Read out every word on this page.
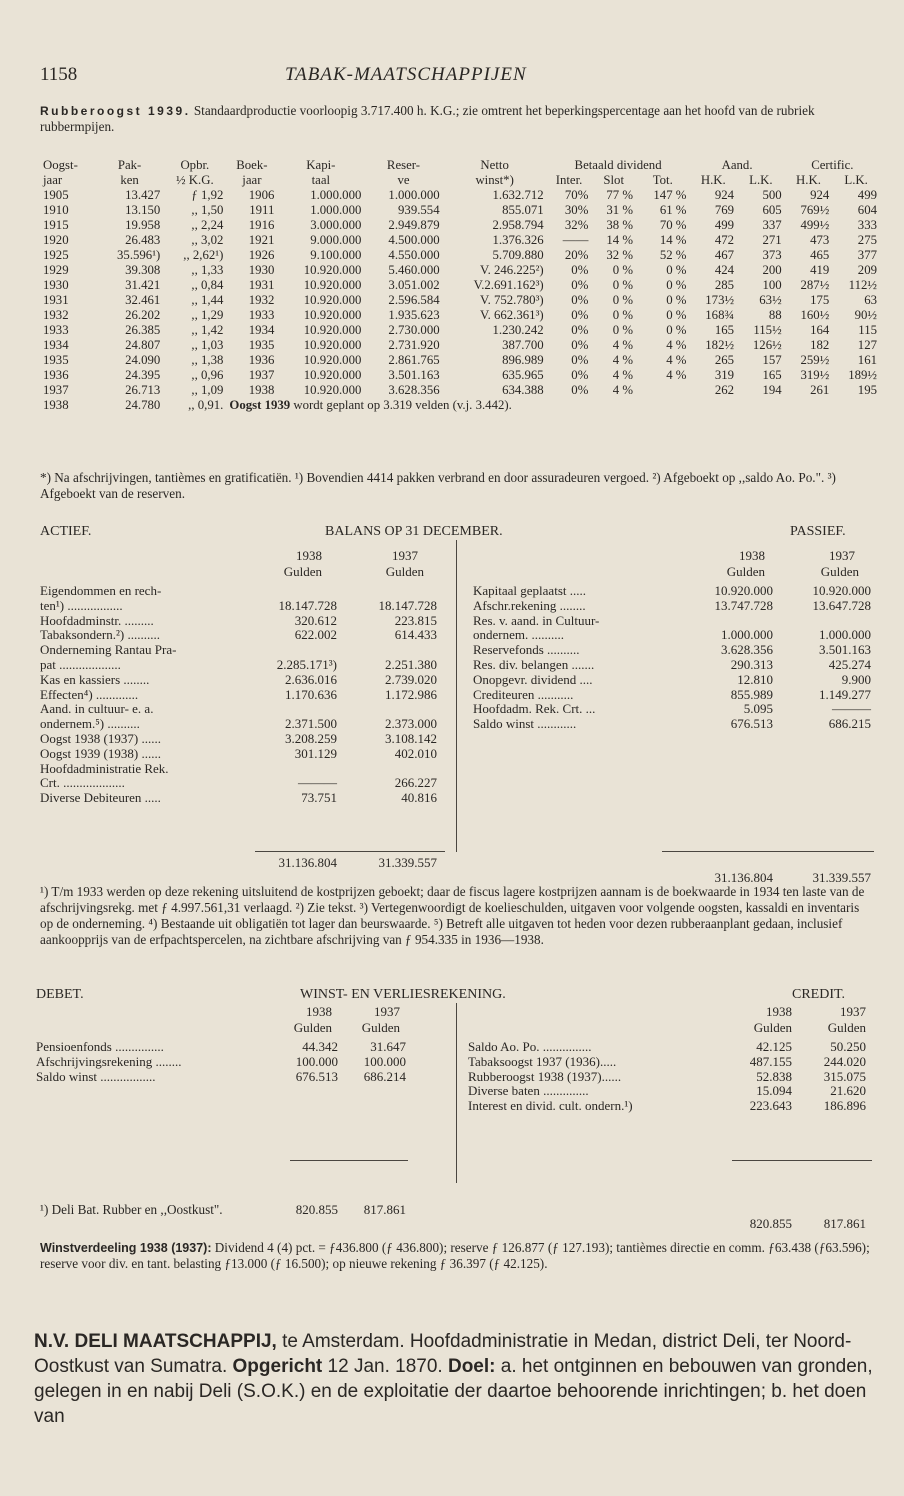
1158	TABAK-MAATSCHAPPIJEN
Rubberoogst 1939. Standaardproductie voorloopig 3.717.400 h. K.G.; zie omtrent het beperkingspercentage aan het hoofd van de rubriek rubbermpijen.
Oogst-	Pak-	Opbr.	Boek-	Kapi-	Reser-	Netto	Betaald dividend			Aand.		Certific.	
jaar	ken	½ K.G.	jaar	taal	ve	winst*)	Inter.	Slot	Tot.	H.K.	L.K.	H.K.	L.K.
1905	13.427	ƒ 1,92	1906	1.000.000	1.000.000	1.632.712	70%	77 %	147 %	924	500	924	499
1910	13.150	,, 1,50	1911	1.000.000	939.554	855.071	30%	31 %	61 %	769	605	769½	604
1915	19.958	,, 2,24	1916	3.000.000	2.949.879	2.958.794	32%	38 %	70 %	499	337	499½	333
1920	26.483	,, 3,02	1921	9.000.000	4.500.000	1.376.326	——	14 %	14 %	472	271	473	275
1925	35.596¹)	,, 2,62¹)	1926	9.100.000	4.550.000	5.709.880	20%	32 %	52 %	467	373	465	377
1929	39.308	,, 1,33	1930	10.920.000	5.460.000	V. 246.225²)	0%	0 %	0 %	424	200	419	209
1930	31.421	,, 0,84	1931	10.920.000	3.051.002	V.2.691.162³)	0%	0 %	0 %	285	100	287½	112½
1931	32.461	,, 1,44	1932	10.920.000	2.596.584	V. 752.780³)	0%	0 %	0 %	173½	63½	175	63
1932	26.202	,, 1,29	1933	10.920.000	1.935.623	V. 662.361³)	0%	0 %	0 %	168¾	88	160½	90½
1933	26.385	,, 1,42	1934	10.920.000	2.730.000	1.230.242	0%	0 %	0 %	165	115½	164	115
1934	24.807	,, 1,03	1935	10.920.000	2.731.920	387.700	0%	4 %	4 %	182½	126½	182	127
1935	24.090	,, 1,38	1936	10.920.000	2.861.765	896.989	0%	4 %	4 %	265	157	259½	161
1936	24.395	,, 0,96	1937	10.920.000	3.501.163	635.965	0%	4 %	4 %	319	165	319½	189½
1937	26.713	,, 1,09	1938	10.920.000	3.628.356	634.388	0%	4 %		262	194	261	195
1938	24.780	,, 0,91.	Oogst 1939 wordt geplant op 3.319 velden (v.j. 3.442).										
*) Na afschrijvingen, tantièmes en gratificatiën. ¹) Bovendien 4414 pakken verbrand en door assuradeuren vergoed. ²) Afgeboekt op ,,saldo Ao. Po.". ³) Afgeboekt van de reserven.
ACTIEF.	BALANS OP 31 DECEMBER.	PASSIEF.
1938	1937
Gulden	Gulden
1938	1937
Gulden	Gulden
Eigendommen en rech-
ten¹) .................	18.147.728	18.147.728
Hoofdadminstr. .........	320.612	223.815
Tabaksondern.²) ..........	622.002	614.433
Onderneming Rantau Pra-
pat ...................	2.285.171³)	2.251.380
Kas en kassiers ........	2.636.016	2.739.020
Effecten⁴) .............	1.170.636	1.172.986
Aand. in cultuur- e. a.
ondernem.⁵) ..........	2.371.500	2.373.000
Oogst 1938 (1937) ......	3.208.259	3.108.142
Oogst 1939 (1938) ......	301.129	402.010
Hoofdadministratie Rek.
Crt. ...................	———	266.227
Diverse Debiteuren .....	73.751	40.816
Kapitaal geplaatst .....	10.920.000	10.920.000
Afschr.rekening ........	13.747.728	13.647.728
Res. v. aand. in Cultuur-
ondernem. ..........	1.000.000	1.000.000
Reservefonds ..........	3.628.356	3.501.163
Res. div. belangen .......	290.313	425.274
Onopgevr. dividend ....	12.810	9.900
Crediteuren ...........	855.989	1.149.277
Hoofdadm. Rek. Crt. ...	5.095	———
Saldo winst ............	676.513	686.215
31.136.804	31.339.557
31.136.804	31.339.557
¹) T/m 1933 werden op deze rekening uitsluitend de kostprijzen geboekt; daar de fiscus lagere kostprijzen aannam is de boekwaarde in 1934 ten laste van de afschrijvingsrekg. met ƒ 4.997.561,31 verlaagd. ²) Zie tekst. ³) Vertegenwoordigt de koelieschulden, uitgaven voor volgende oogsten, kassaldi en inventaris op de onderneming. ⁴) Bestaande uit obligatiën tot lager dan beurswaarde. ⁵) Betreft alle uitgaven tot heden voor dezen rubberaanplant gedaan, inclusief aankoopprijs van de erfpachtspercelen, na zichtbare afschrijving van ƒ 954.335 in 1936—1938.
DEBET.	WINST- EN VERLIESREKENING.	CREDIT.
1938	1937
Gulden	Gulden
1938	1937
Gulden	Gulden
Pensioenfonds ...............	44.342 31.647
Afschrijvingsrekening ........	100.000 100.000
Saldo winst .................	676.513 686.214
Saldo Ao. Po. ...............	42.125	50.250
Tabaksoogst 1937 (1936).....	487.155 244.020
Rubberoogst 1938 (1937)......	52.838 315.075
Diverse baten ..............	15.094	21.620
Interest en divid. cult. ondern.¹)	223.643 186.896
820.855 817.861
820.855 817.861
¹) Deli Bat. Rubber en ,,Oostkust".
Winstverdeeling 1938 (1937): Dividend 4 (4) pct. = ƒ436.800 (ƒ 436.800); reserve ƒ 126.877 (ƒ 127.193); tantièmes directie en comm. ƒ63.438 (ƒ63.596); reserve voor div. en tant. belasting ƒ13.000 (ƒ 16.500); op nieuwe rekening ƒ 36.397 (ƒ 42.125).
N.V. DELI MAATSCHAPPIJ, te Amsterdam. Hoofdadministratie in Medan, district Deli, ter Noord-Oostkust van Sumatra. Opgericht 12 Jan. 1870. Doel: a. het ontginnen en bebouwen van gronden, gelegen in en nabij Deli (S.O.K.) en de exploitatie der daartoe behoorende inrichtingen; b. het doen van
